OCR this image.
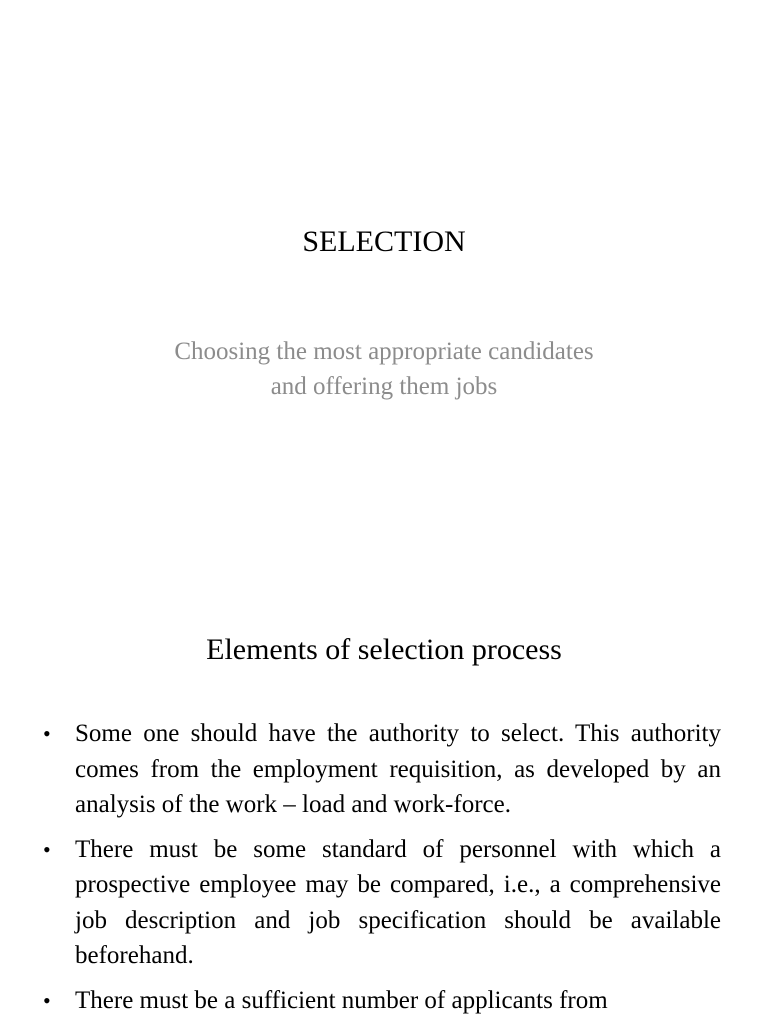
SELECTION
Choosing the most appropriate candidates
and offering them jobs
Elements of selection process
• Some one should have the authority to select. This authority comes from the employment requisition, as developed by an analysis of the work – load and work-force.
• There must be some standard of personnel with which a prospective employee may be compared, i.e., a comprehensive job description and job specification should be available beforehand.
• There must be a sufficient number of applicants from
